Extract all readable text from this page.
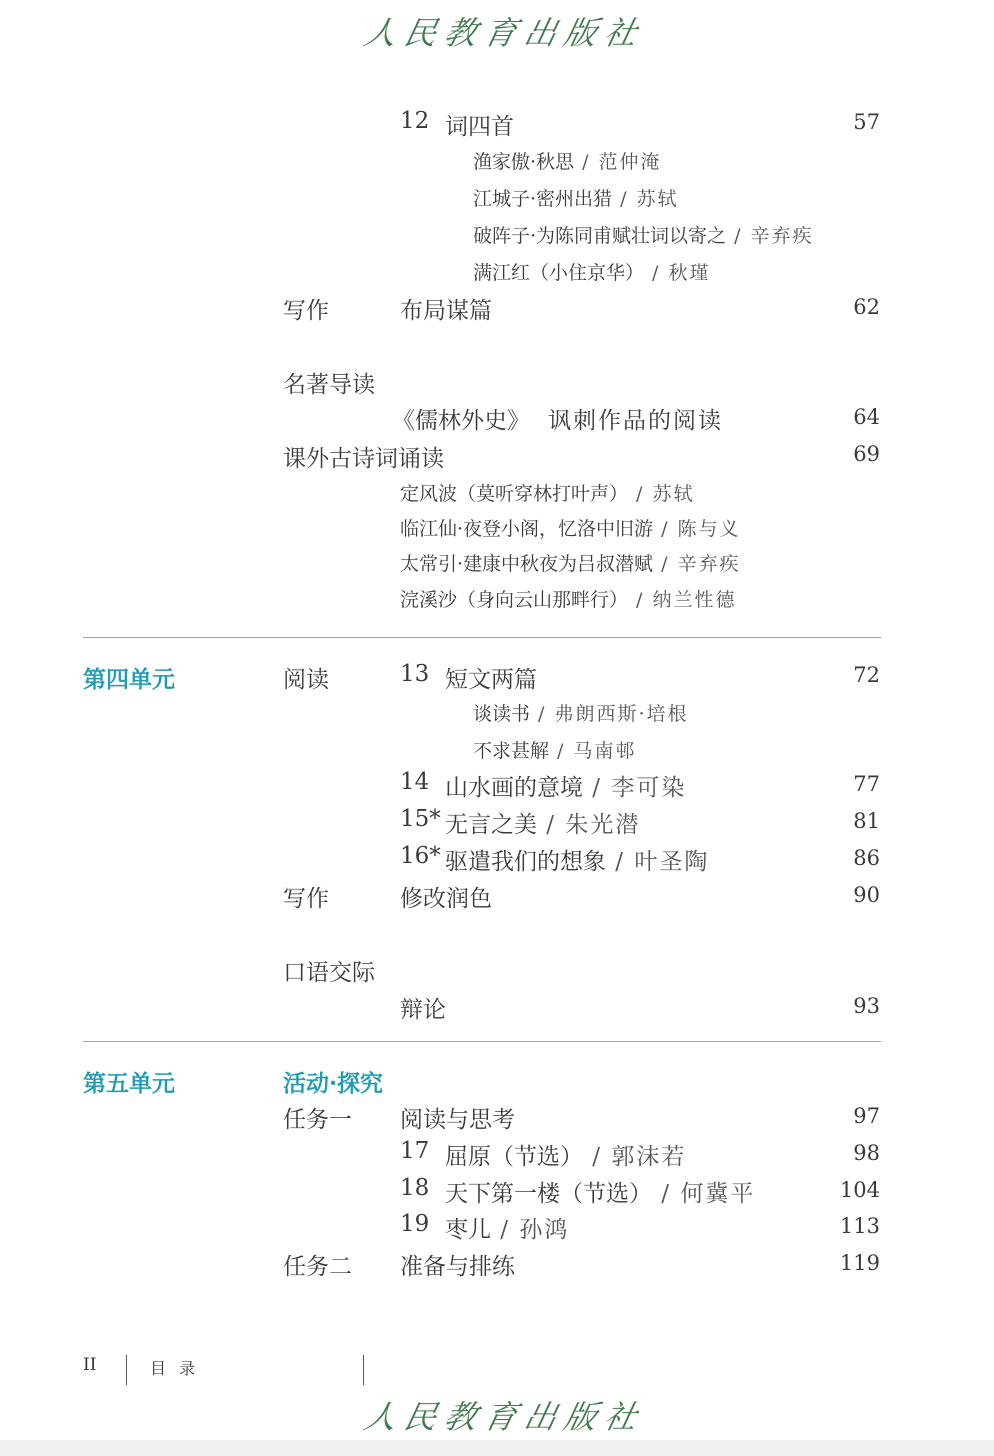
人民教育出版社
12 词四首	57
渔家傲·秋思 / 范仲淹
江城子·密州出猎 / 苏轼
破阵子·为陈同甫赋壮词以寄之 / 辛弃疾
满江红（小住京华） / 秋瑾
写作	布局谋篇	62
名著导读
《儒林外史》 讽刺作品的阅读	64
课外古诗词诵读	69
定风波（莫听穿林打叶声） / 苏轼
临江仙·夜登小阁，忆洛中旧游 / 陈与义
太常引·建康中秋夜为吕叔潜赋 / 辛弃疾
浣溪沙（身向云山那畔行） / 纳兰性德
第四单元	阅读	13 短文两篇	72
谈读书 / 弗朗西斯·培根
不求甚解 / 马南邨
14 山水画的意境 / 李可染	77
15* 无言之美 / 朱光潜	81
16* 驱遣我们的想象 / 叶圣陶	86
写作	修改润色	90
口语交际
辩论	93
第五单元	活动·探究
任务一 阅读与思考	97
17 屈原（节选） / 郭沫若	98
18 天下第一楼（节选） / 何冀平	104
19 枣儿 / 孙鸿	113
任务二 准备与排练	119
II	目 录
人民教育出版社
